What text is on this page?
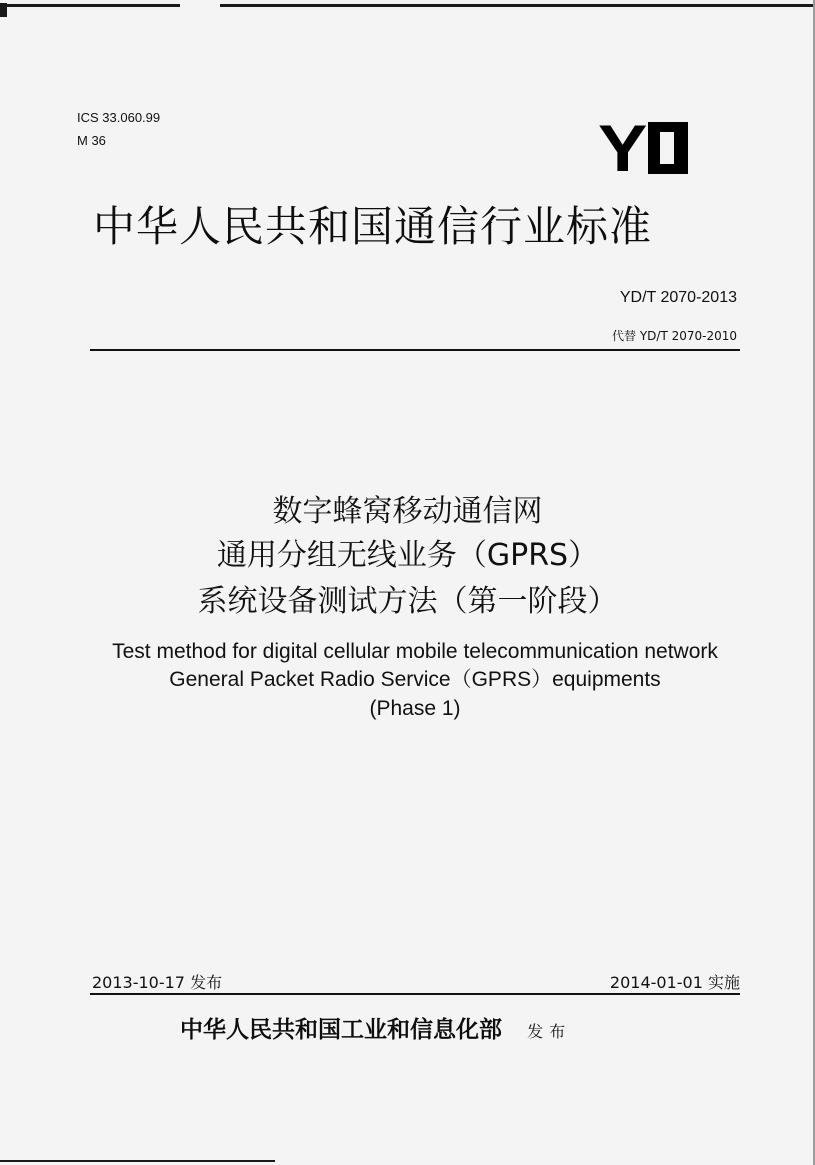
ICS 33.060.99
M 36	Y
中华人民共和国通信行业标准
YD/T 2070-2013
代替 YD/T 2070-2010
数字蜂窝移动通信网
通用分组无线业务（GPRS）
系统设备测试方法（第一阶段）
Test method for digital cellular mobile telecommunication network
General Packet Radio Service（GPRS）equipments
(Phase 1)
2013-10-17 发布	2014-01-01 实施
中华人民共和国工业和信息化部 发布
